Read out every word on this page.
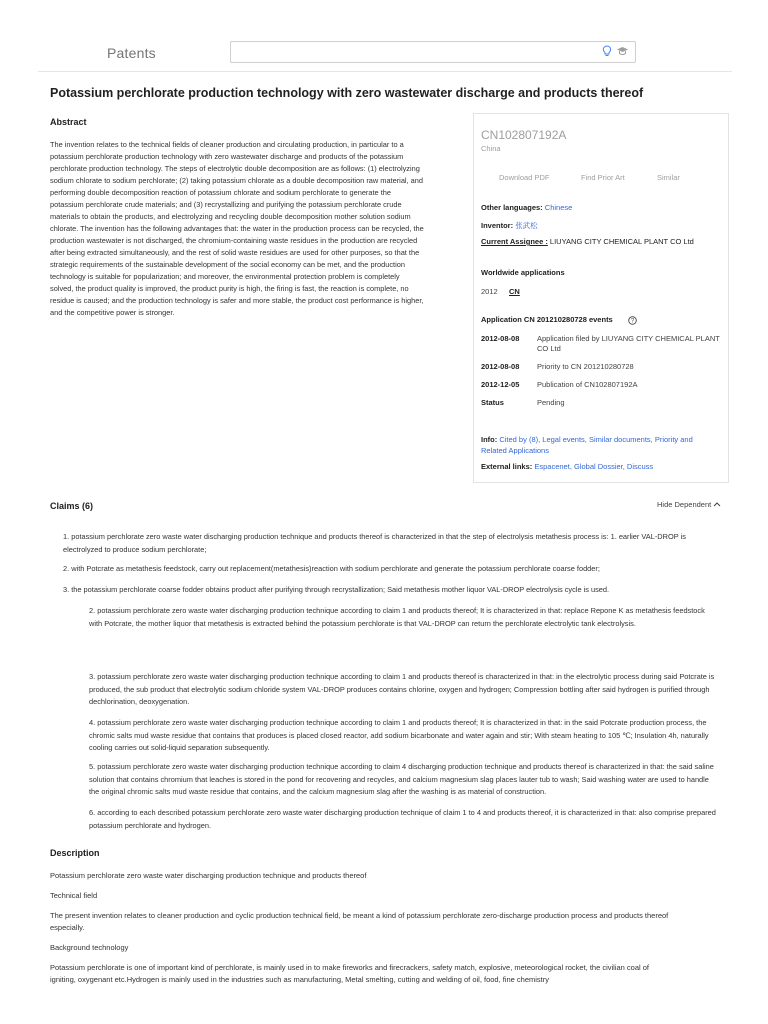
Patents
Potassium perchlorate production technology with zero wastewater discharge and products thereof
Abstract
The invention relates to the technical fields of cleaner production and circulating production, in particular to a potassium perchlorate production technology with zero wastewater discharge and products of the potassium perchlorate production technology. The steps of electrolytic double decomposition are as follows: (1) electrolyzing sodium chlorate to sodium perchlorate; (2) taking potassium chlorate as a double decomposition raw material, and performing double decomposition reaction of potassium chlorate and sodium perchlorate to generate the potassium perchlorate crude materials; and (3) recrystallizing and purifying the potassium perchlorate crude materials to obtain the products, and electrolyzing and recycling double decomposition mother solution sodium chlorate. The invention has the following advantages that: the water in the production process can be recycled, the production wastewater is not discharged, the chromium-containing waste residues in the production are recycled after being extracted simultaneously, and the rest of solid waste residues are used for other purposes, so that the strategic requirements of the sustainable development of the social economy can be met, and the production technology is suitable for popularization; and moreover, the environmental protection problem is completely solved, the product quality is improved, the product purity is high, the firing is fast, the reaction is complete, no residue is caused; and the production technology is safer and more stable, the product cost performance is higher, and the competitive power is stronger.
CN102807192A
China
Download PDF	Find Prior Art	Similar
Other languages: Chinese
Inventor: 张武松
Current Assignee : LIUYANG CITY CHEMICAL PLANT CO Ltd
Worldwide applications
2012 CN
Application CN 201210280728 events	?
2012-08-08 Application filed by LIUYANG CITY CHEMICAL PLANT CO Ltd
2012-08-08 Priority to CN 201210280728
2012-12-05 Publication of CN102807192A
Status	Pending
Info: Cited by (8), Legal events, Similar documents, Priority and Related Applications
External links: Espacenet, Global Dossier, Discuss
Claims (6)	Hide Dependent
1. potassium perchlorate zero waste water discharging production technique and products thereof is characterized in that the step of electrolysis metathesis process is: 1. earlier VAL-DROP is electrolyzed to produce sodium perchlorate;
2. with Potcrate as metathesis feedstock, carry out replacement(metathesis)reaction with sodium perchlorate and generate the potassium perchlorate coarse fodder;
3. the potassium perchlorate coarse fodder obtains product after purifying through recrystallization; Said metathesis mother liquor VAL-DROP electrolysis cycle is used.
2. potassium perchlorate zero waste water discharging production technique according to claim 1 and products thereof; It is characterized in that: replace Repone K as metathesis feedstock with Potcrate, the mother liquor that metathesis is extracted behind the potassium perchlorate is that VAL-DROP can return the perchlorate electrolytic tank electrolysis.
3. potassium perchlorate zero waste water discharging production technique according to claim 1 and products thereof is characterized in that: in the electrolytic process during said Potcrate is produced, the sub product that electrolytic sodium chloride system VAL-DROP produces contains chlorine, oxygen and hydrogen; Compression bottling after said hydrogen is purified through dechlorination, deoxygenation.
4. potassium perchlorate zero waste water discharging production technique according to claim 1 and products thereof; It is characterized in that: in the said Potcrate production process, the chromic salts mud waste residue that contains that produces is placed closed reactor, add sodium bicarbonate and water again and stir; With steam heating to 105 ℃; Insulation 4h, naturally cooling carries out solid-liquid separation subsequently.
5. potassium perchlorate zero waste water discharging production technique according to claim 4 discharging production technique and products thereof is characterized in that: the said saline solution that contains chromium that leaches is stored in the pond for recovering and recycles, and calcium magnesium slag places lauter tub to wash; Said washing water are used to handle the original chromic salts mud waste residue that contains, and the calcium magnesium slag after the washing is as material of construction.
6. according to each described potassium perchlorate zero waste water discharging production technique of claim 1 to 4 and products thereof, it is characterized in that: also comprise prepared potassium perchlorate and hydrogen.
Description
Potassium perchlorate zero waste water discharging production technique and products thereof
Technical field
The present invention relates to cleaner production and cyclic production technical field, be meant a kind of potassium perchlorate zero-discharge production process and products thereof especially.
Background technology
Potassium perchlorate is one of important kind of perchlorate, is mainly used in to make fireworks and firecrackers, safety match, explosive, meteorological rocket, the civilian coal of igniting, oxygenant etc.Hydrogen is mainly used in the industries such as manufacturing, Metal smelting, cutting and welding of oil, food, fine chemistry
